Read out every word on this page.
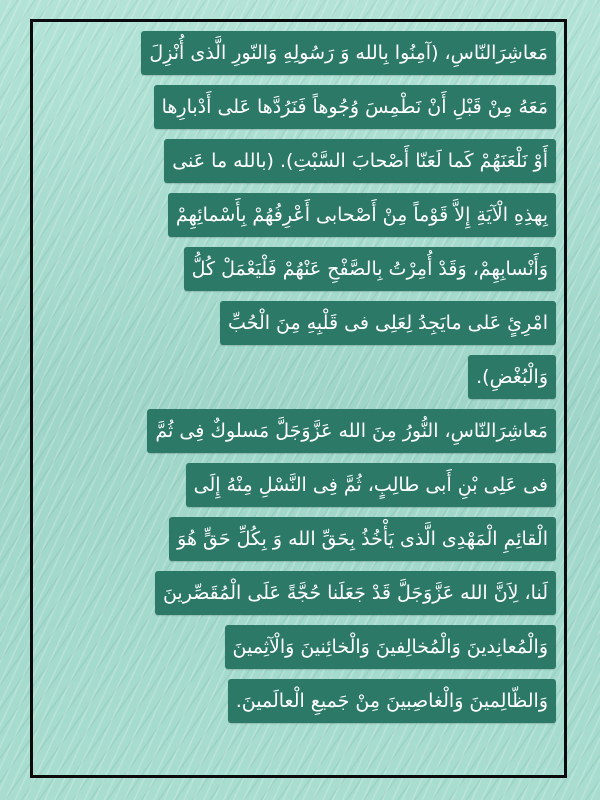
مَعاشِرَالنّاسِ، (آمِنُوا بِالله وَ رَسُولِهِ وَالنّورِ الَّذى أُنْزِلَ
مَعَهُ مِنْ قَبْلِ أَنْ نَطْمِسَ وُجُوهاً فَنَرُدَّها عَلى أَدْبارِها
أَوْ نَلْعَنَهُمْ كَما لَعَنّا أَصْحابَ السَّبْتِ). (بالله ما عَنى
بِهذِهِ الْآيَةِ إِلاَّ قَوْماً مِنْ أَصْحابى أَعْرِفُهُمْ بِأَسْمائِهِمْ
وَأَنْسابِهِمْ، وَقَدْ أُمِرْتُ بِالصَّفْحِ عَنْهُمْ فَلْيَعْمَلْ كُلُّ
امْرِئٍ عَلى مايَجِدُ لِعَلِى فى قَلْبِهِ مِنَ الْحُبِّ
وَالْبُغْضِ).
مَعاشِرَالنّاسِ، النُّورُ مِنَ الله عَزَّوَجَلَّ مَسلوكٌ فِى ثُمَّ
فى عَلِى بْنِ أَبى طالِبٍ، ثُمَّ فِى النَّسْلِ مِنْهُ إِلَى
الْقائِمِ الْمَهْدِى الَّذى يَأْخُذُ بِحَقِّ الله وَ بِكُلِّ حَقٍّ هُوَ
لَنا، لِاَنَّ الله عَزَّوَجَلَّ قَدْ جَعَلَنا حُجَّةً عَلَى الْمُقَصِّرينَ
وَالْمُعانِدينَ وَالْمُخالِفينَ وَالْخائِنينَ وَالْآثِمينَ
وَالظّالِمينَ وَالْغاصِبينَ مِنْ جَميعِ الْعالَمينَ.
